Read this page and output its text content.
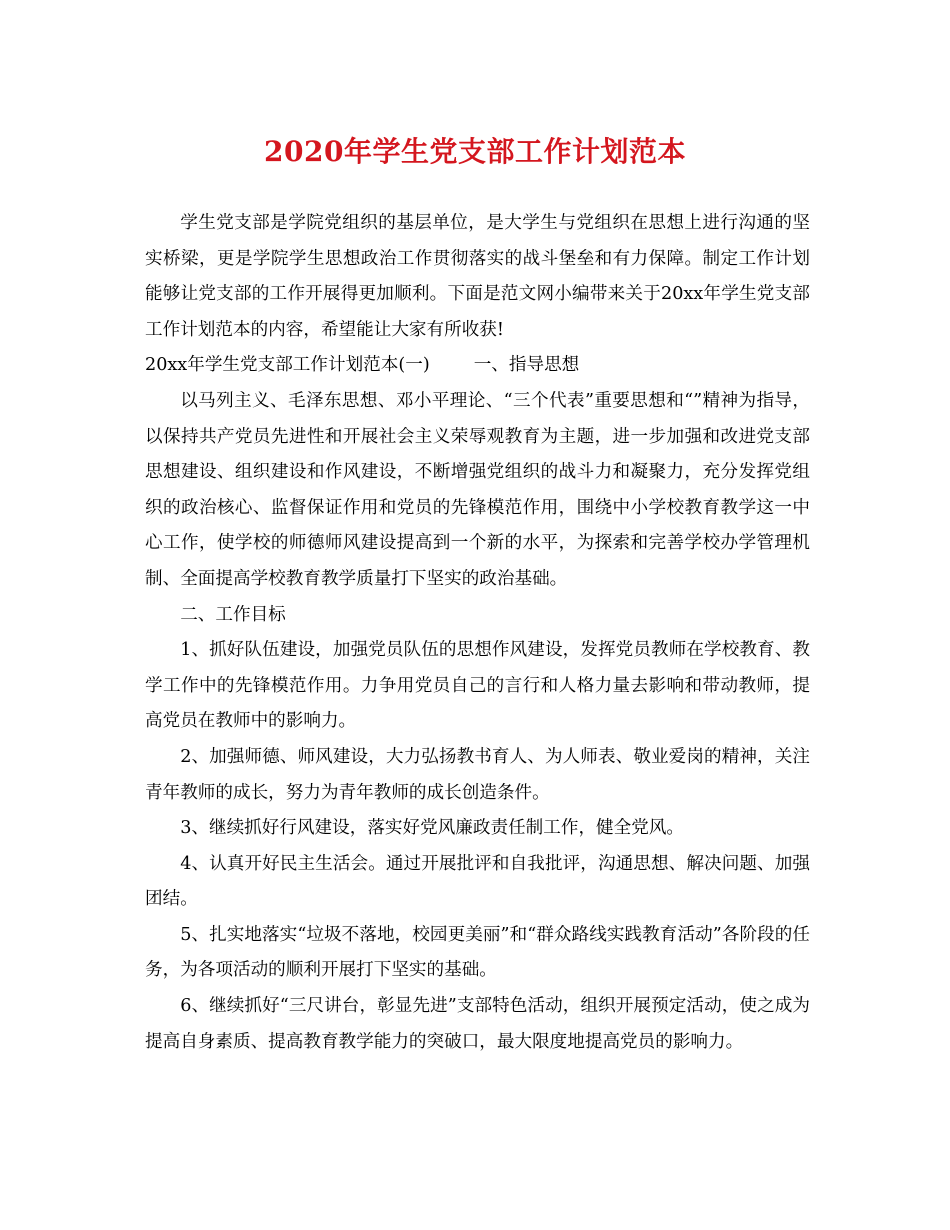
2020年学生党支部工作计划范本

学生党支部是学院党组织的基层单位，是大学生与党组织在思想上进行沟通的坚实桥梁，更是学院学生思想政治工作贯彻落实的战斗堡垒和有力保障。制定工作计划能够让党支部的工作开展得更加顺利。下面是范文网小编带来关于20xx年学生党支部工作计划范本的内容，希望能让大家有所收获!

20xx年学生党支部工作计划范本(一)	一、指导思想

以马列主义、毛泽东思想、邓小平理论、“三个代表”重要思想和“”精神为指导，以保持共产党员先进性和开展社会主义荣辱观教育为主题，进一步加强和改进党支部思想建设、组织建设和作风建设，不断增强党组织的战斗力和凝聚力，充分发挥党组织的政治核心、监督保证作用和党员的先锋模范作用，围绕中小学校教育教学这一中心工作，使学校的师德师风建设提高到一个新的水平，为探索和完善学校办学管理机制、全面提高学校教育教学质量打下坚实的政治基础。

二、工作目标

1、抓好队伍建设，加强党员队伍的思想作风建设，发挥党员教师在学校教育、教学工作中的先锋模范作用。力争用党员自己的言行和人格力量去影响和带动教师，提高党员在教师中的影响力。

2、加强师德、师风建设，大力弘扬教书育人、为人师表、敬业爱岗的精神，关注青年教师的成长，努力为青年教师的成长创造条件。

3、继续抓好行风建设，落实好党风廉政责任制工作，健全党风。

4、认真开好民主生活会。通过开展批评和自我批评，沟通思想、解决问题、加强团结。

5、扎实地落实“垃圾不落地，校园更美丽”和“群众路线实践教育活动”各阶段的任务，为各项活动的顺利开展打下坚实的基础。

6、继续抓好“三尺讲台，彰显先进”支部特色活动，组织开展预定活动，使之成为提高自身素质、提高教育教学能力的突破口，最大限度地提高党员的影响力。
